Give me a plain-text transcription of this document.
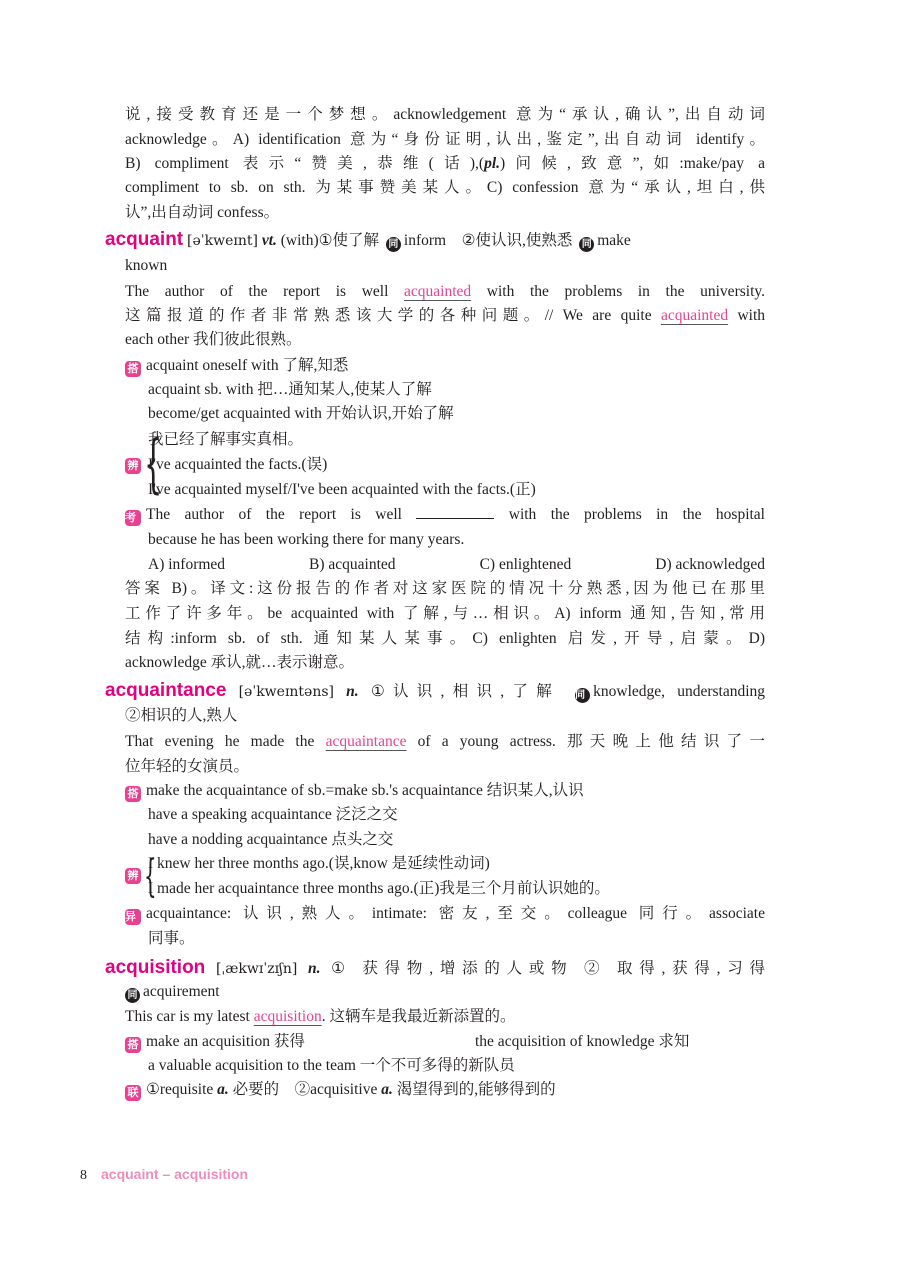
说,接受教育还是一个梦想。acknowledgement 意为“承认,确认”,出自动词
acknowledge。A) identification 意为“身份证明,认出,鉴定”,出自动词 identify。
B) compliment 表示“赞美,恭维(话),(pl.)问候,致意”,如:make/pay a
compliment to sb. on sth. 为某事赞美某人。C) confession 意为“承认,坦白,供
认”,出自动词 confess。
acquaint [əˈkweɪnt] vt. (with)①使了解 同 inform ②使认识,使熟悉 同 make
known
The author of the report is well acquainted with the problems in the university.
这篇报道的作者非常熟悉该大学的各种问题。// We are quite acquainted with
each other 我们彼此很熟。
搭 acquaint oneself with 了解,知悉
acquaint sb. with 把…通知某人,使某人了解
become/get acquainted with 开始认识,开始了解
辨 {
我已经了解事实真相。
I've acquainted the facts.(误)
I've acquainted myself/I've been acquainted with the facts.(正)
考 The author of the report is well	with the problems in the hospital
because he has been working there for many years.
A) informed	B) acquainted	C) enlightened	D) acknowledged
答案 B)。译文:这份报告的作者对这家医院的情况十分熟悉,因为他已在那里
工作了许多年。be acquainted with 了解,与…相识。A) inform 通知,告知,常用
结构:inform sb. of sth. 通知某人某事。C) enlighten 启发,开导,启蒙。D)
acknowledge 承认,就…表示谢意。
acquaintance [əˈkweɪntəns] n. ①认识,相识,了解 同 knowledge, understanding
②相识的人,熟人
That evening he made the acquaintance of a young actress. 那天晚上他结识了一
位年轻的女演员。
搭 make the acquaintance of sb.=make sb.'s acquaintance 结识某人,认识
have a speaking acquaintance 泛泛之交
have a nodding acquaintance 点头之交
辨 {
I knew her three months ago.(误,know 是延续性动词)
I made her acquaintance three months ago.(正)我是三个月前认识她的。
异 acquaintance: 认识,熟人。intimate: 密友,至交。colleague 同行。associate
同事。
acquisition [ˌækwɪˈzɪʃn] n. ① 获得物,增添的人或物 ② 取得,获得,习得
同 acquirement
This car is my latest acquisition. 这辆车是我最近新添置的。
搭 make an acquisition 获得	the acquisition of knowledge 求知
a valuable acquisition to the team 一个不可多得的新队员
联 ①requisite a. 必要的 ②acquisitive a. 渴望得到的,能够得到的
8 acquaint – acquisition
